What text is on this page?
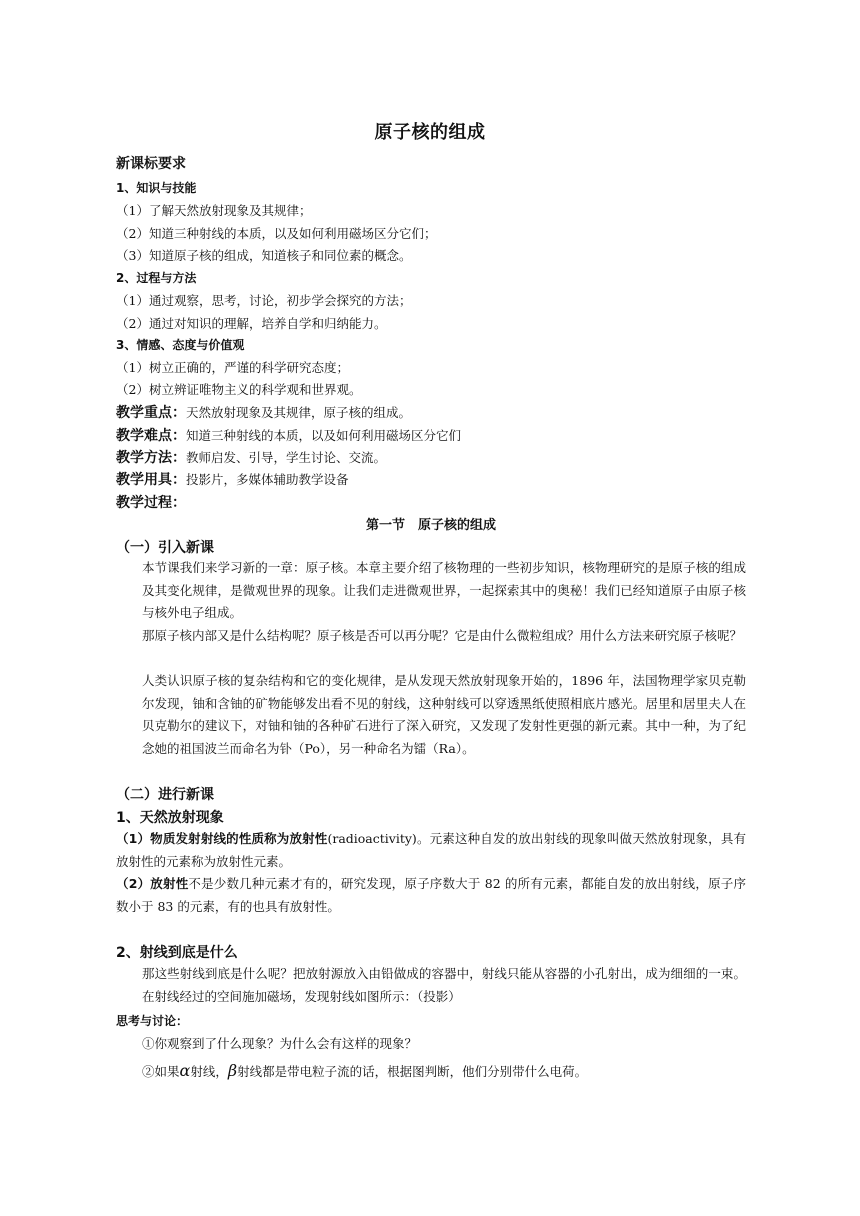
原子核的组成
新课标要求
1、知识与技能
（1）了解天然放射现象及其规律；
（2）知道三种射线的本质，以及如何利用磁场区分它们；
（3）知道原子核的组成，知道核子和同位素的概念。
2、过程与方法
（1）通过观察，思考，讨论，初步学会探究的方法；
（2）通过对知识的理解，培养自学和归纳能力。
3、情感、态度与价值观
（1）树立正确的，严谨的科学研究态度；
（2）树立辨证唯物主义的科学观和世界观。
教学重点：天然放射现象及其规律，原子核的组成。
教学难点：知道三种射线的本质，以及如何利用磁场区分它们
教学方法：教师启发、引导，学生讨论、交流。
教学用具：投影片，多媒体辅助教学设备
教学过程：
第一节　原子核的组成
（一）引入新课
本节课我们来学习新的一章：原子核。本章主要介绍了核物理的一些初步知识，核物理研究的是原子核的组成及其变化规律，是微观世界的现象。让我们走进微观世界，一起探索其中的奥秘！我们已经知道原子由原子核与核外电子组成。
那原子核内部又是什么结构呢？原子核是否可以再分呢？它是由什么微粒组成？用什么方法来研究原子核呢？
人类认识原子核的复杂结构和它的变化规律，是从发现天然放射现象开始的，1896 年，法国物理学家贝克勒尔发现，铀和含铀的矿物能够发出看不见的射线，这种射线可以穿透黑纸使照相底片感光。居里和居里夫人在贝克勒尔的建议下，对铀和铀的各种矿石进行了深入研究，又发现了发射性更强的新元素。其中一种，为了纪念她的祖国波兰而命名为钋（Po），另一种命名为镭（Ra）。
（二）进行新课
1、天然放射现象
（1）物质发射射线的性质称为放射性(radioactivity)。元素这种自发的放出射线的现象叫做天然放射现象，具有放射性的元素称为放射性元素。
（2）放射性不是少数几种元素才有的，研究发现，原子序数大于 82 的所有元素，都能自发的放出射线，原子序数小于 83 的元素，有的也具有放射性。
2、射线到底是什么
那这些射线到底是什么呢？把放射源放入由铅做成的容器中，射线只能从容器的小孔射出，成为细细的一束。在射线经过的空间施加磁场，发现射线如图所示：（投影）
思考与讨论：
①你观察到了什么现象？为什么会有这样的现象？
②如果α射线，β射线都是带电粒子流的话，根据图判断，他们分别带什么电荷。
